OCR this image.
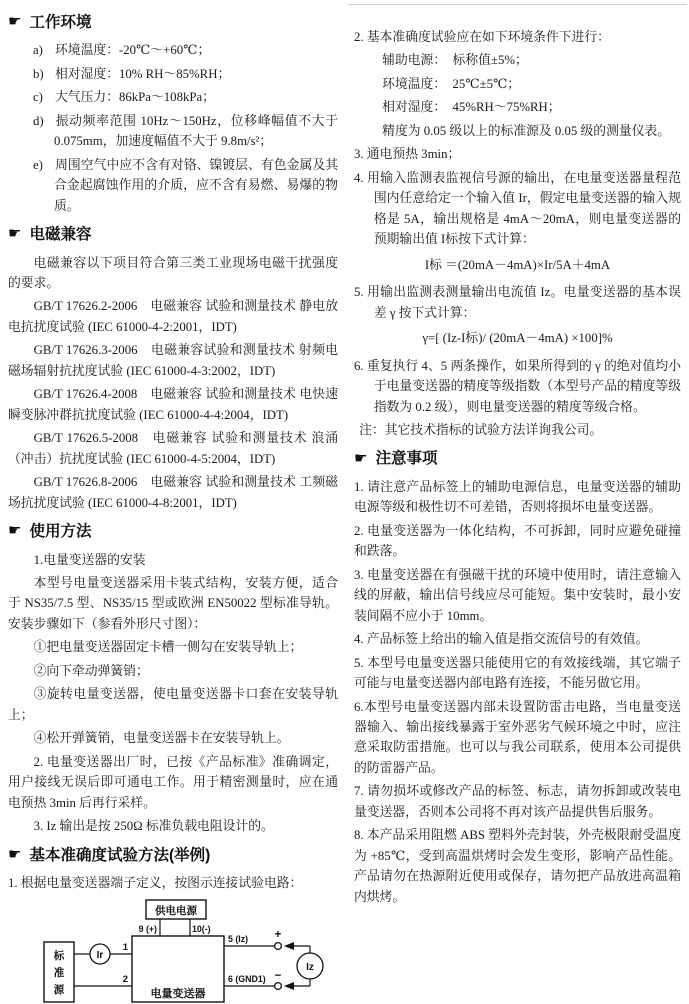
☛ 工作环境

a) 环境温度：-20℃～+60℃；

b) 相对湿度：10% RH～85%RH；

c) 大气压力：86kPa～108kPa；

d) 振动频率范围 10Hz～150Hz，位移峰幅值不大于 0.075mm，加速度幅值不大于 9.8m/s²；

e) 周围空气中应不含有对铬、镍镀层、有色金属及其合金起腐蚀作用的介质，应不含有易燃、易爆的物质。

☛ 电磁兼容

电磁兼容以下项目符合第三类工业现场电磁干扰强度的要求。

GB/T 17626.2-2006　电磁兼容 试验和测量技术 静电放电抗扰度试验 (IEC 61000-4-2:2001，IDT)

GB/T 17626.3-2006　电磁兼容试验和测量技术 射频电磁场辐射抗扰度试验 (IEC 61000-4-3:2002，IDT)

GB/T 17626.4-2008　电磁兼容 试验和测量技术 电快速瞬变脉冲群抗扰度试验 (IEC 61000-4-4:2004，IDT)

GB/T 17626.5-2008　电磁兼容 试验和测量技术 浪涌（冲击）抗扰度试验 (IEC 61000-4-5:2004，IDT)

GB/T 17626.8-2006　电磁兼容 试验和测量技术 工频磁场抗扰度试验 (IEC 61000-4-8:2001，IDT)

☛ 使用方法

1.电量变送器的安装

本型号电量变送器采用卡装式结构，安装方便，适合于 NS35/7.5 型、NS35/15 型或欧洲 EN50022 型标准导轨。安装步骤如下（参看外形尺寸图）：

①把电量变送器固定卡槽一侧勾在安装导轨上；

②向下牵动弹簧销；

③旋转电量变送器，使电量变送器卡口套在安装导轨上；

④松开弹簧销，电量变送器卡在安装导轨上。

2. 电量变送器出厂时，已按《产品标准》准确调定，用户接线无误后即可通电工作。用于精密测量时，应在通电预热 3min 后再行采样。

3. Iz 输出是按 250Ω 标准负载电阻设计的。

☛ 基本准确度试验方法(举例)

1. 根据电量变送器端子定义，按图示连接试验电路：

供电电源
9 (+)	10(-)
电量变送器
标
准
源
Ir
1
2
5 (Iz) +
6 (GND1) −
Iz

2. 基本准确度试验应在如下环境条件下进行：

辅助电源：　标称值±5%；

环境温度：　25℃±5℃；

相对湿度：　45%RH～75%RH；

精度为 0.05 级以上的标准源及 0.05 级的测量仪表。

3. 通电预热 3min；

4. 用输入监测表监视信号源的输出，在电量变送器量程范围内任意给定一个输入值 Ir，假定电量变送器的输入规格是 5A，输出规格是 4mA～20mA，则电量变送器的预期输出值 I标按下式计算：

I标 ＝(20mA－4mA)×Ir/5A＋4mA

5. 用输出监测表测量输出电流值 Iz。电量变送器的基本误差 γ 按下式计算：

γ=[ (Iz-I标)/ (20mA－4mA) ×100]%

6. 重复执行 4、5 两条操作，如果所得到的 γ 的绝对值均小于电量变送器的精度等级指数（本型号产品的精度等级指数为 0.2 级），则电量变送器的精度等级合格。

注：其它技术指标的试验方法详询我公司。

☛ 注意事项

1. 请注意产品标签上的辅助电源信息，电量变送器的辅助电源等级和极性切不可差错，否则将损坏电量变送器。

2. 电量变送器为一体化结构，不可拆卸，同时应避免碰撞和跌落。

3. 电量变送器在有强磁干扰的环境中使用时，请注意输入线的屏蔽，输出信号线应尽可能短。集中安装时，最小安装间隔不应小于 10mm。

4. 产品标签上给出的输入值是指交流信号的有效值。

5. 本型号电量变送器只能使用它的有效接线端，其它端子可能与电量变送器内部电路有连接，不能另做它用。

6.本型号电量变送器内部未设置防雷击电路，当电量变送器输入、输出接线暴露于室外恶劣气候环境之中时，应注意采取防雷措施。也可以与我公司联系，使用本公司提供的防雷器产品。

7. 请勿损坏或修改产品的标签、标志，请勿拆卸或改装电量变送器，否则本公司将不再对该产品提供售后服务。

8. 本产品采用阻燃 ABS 塑料外壳封装，外壳极限耐受温度为 +85℃，受到高温烘烤时会发生变形，影响产品性能。产品请勿在热源附近使用或保存，请勿把产品放进高温箱内烘烤。
